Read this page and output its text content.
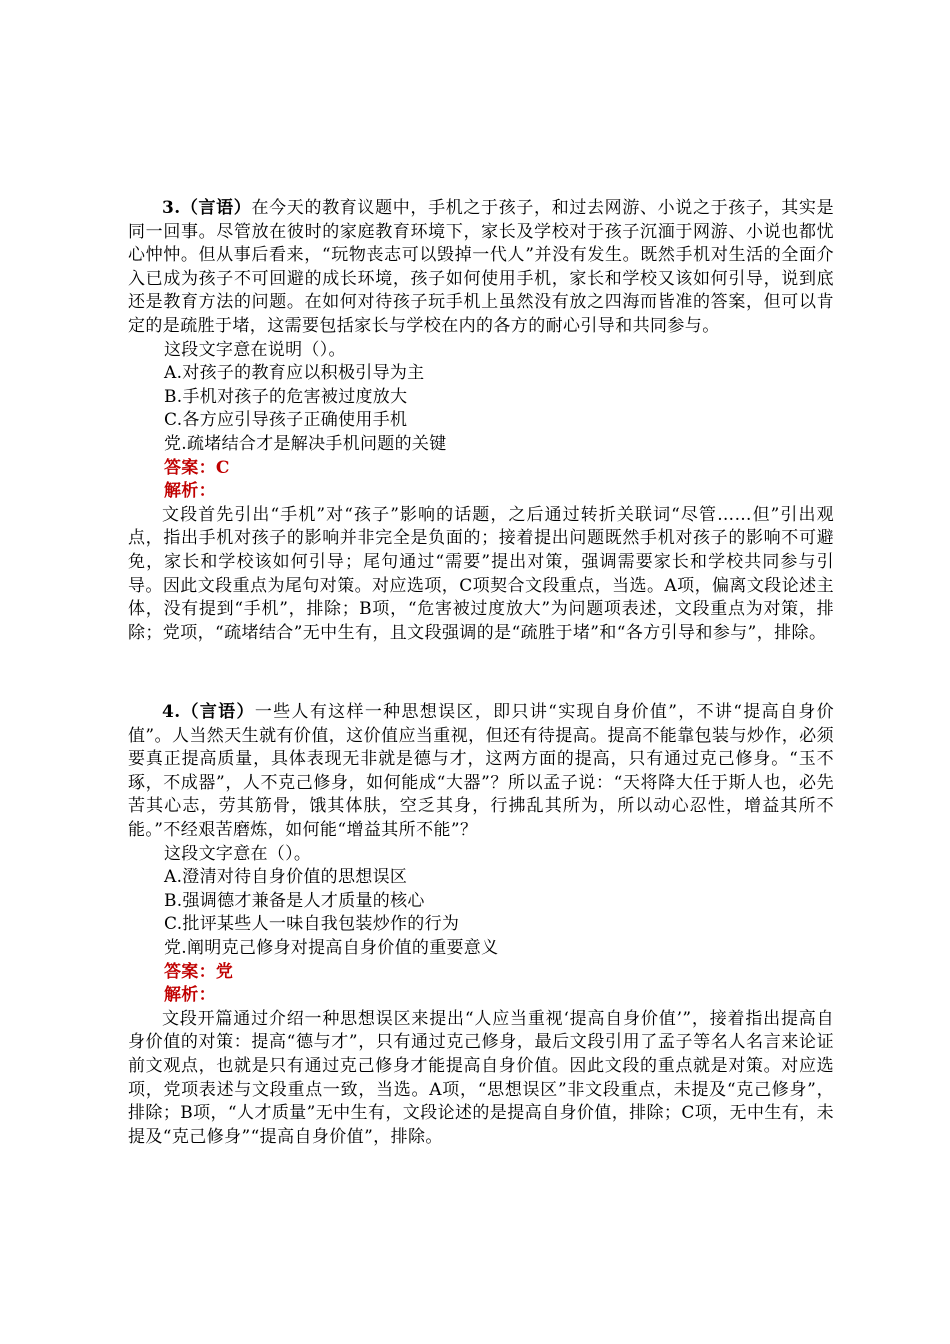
3.（言语）在今天的教育议题中，手机之于孩子，和过去网游、小说之于孩子，其实是同一回事。尽管放在彼时的家庭教育环境下，家长及学校对于孩子沉湎于网游、小说也都忧心忡忡。但从事后看来，“玩物丧志可以毁掉一代人”并没有发生。既然手机对生活的全面介入已成为孩子不可回避的成长环境，孩子如何使用手机，家长和学校又该如何引导，说到底还是教育方法的问题。在如何对待孩子玩手机上虽然没有放之四海而皆准的答案，但可以肯定的是疏胜于堵，这需要包括家长与学校在内的各方的耐心引导和共同参与。

这段文字意在说明（）。

A.对孩子的教育应以积极引导为主

B.手机对孩子的危害被过度放大

C.各方应引导孩子正确使用手机

党.疏堵结合才是解决手机问题的关键

答案：C

解析：

文段首先引出“手机”对“孩子”影响的话题，之后通过转折关联词“尽管……但”引出观点，指出手机对孩子的影响并非完全是负面的；接着提出问题既然手机对孩子的影响不可避免，家长和学校该如何引导；尾句通过“需要”提出对策，强调需要家长和学校共同参与引导。因此文段重点为尾句对策。对应选项，C项契合文段重点，当选。A项，偏离文段论述主体，没有提到“手机”，排除；B项，“危害被过度放大”为问题项表述，文段重点为对策，排除；党项，“疏堵结合”无中生有，且文段强调的是“疏胜于堵”和“各方引导和参与”，排除。

4.（言语）一些人有这样一种思想误区，即只讲“实现自身价值”，不讲“提高自身价值”。人当然天生就有价值，这价值应当重视，但还有待提高。提高不能靠包装与炒作，必须要真正提高质量，具体表现无非就是德与才，这两方面的提高，只有通过克己修身。“玉不琢，不成器”，人不克己修身，如何能成“大器”？所以孟子说：“天将降大任于斯人也，必先苦其心志，劳其筋骨，饿其体肤，空乏其身，行拂乱其所为，所以动心忍性，增益其所不能。”不经艰苦磨炼，如何能“增益其所不能”？

这段文字意在（）。

A.澄清对待自身价值的思想误区

B.强调德才兼备是人才质量的核心

C.批评某些人一味自我包装炒作的行为

党.阐明克己修身对提高自身价值的重要意义

答案：党

解析：

文段开篇通过介绍一种思想误区来提出“人应当重视‘提高自身价值’”，接着指出提高自身价值的对策：提高“德与才”，只有通过克己修身，最后文段引用了孟子等名人名言来论证前文观点，也就是只有通过克己修身才能提高自身价值。因此文段的重点就是对策。对应选项，党项表述与文段重点一致，当选。A项，“思想误区”非文段重点，未提及“克己修身”，排除；B项，“人才质量”无中生有，文段论述的是提高自身价值，排除；C项，无中生有，未提及“克己修身”“提高自身价值”，排除。
